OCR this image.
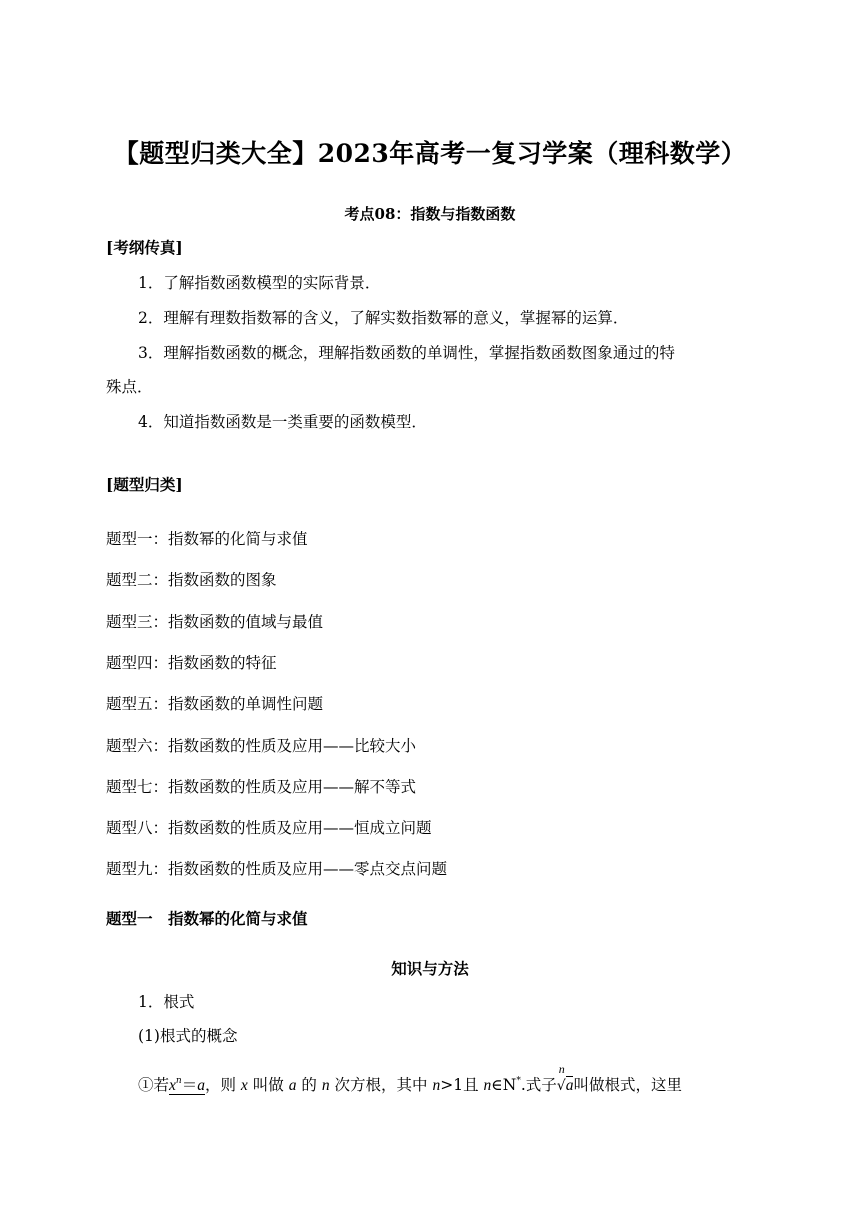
【题型归类大全】2023年高考一复习学案（理科数学）
考点08：指数与指数函数
[考纲传真]
1．了解指数函数模型的实际背景．
2．理解有理数指数幂的含义，了解实数指数幂的意义，掌握幂的运算．
3．理解指数函数的概念，理解指数函数的单调性，掌握指数函数图象通过的特
殊点．
4．知道指数函数是一类重要的函数模型．
[题型归类]
题型一：指数幂的化简与求值
题型二：指数函数的图象
题型三：指数函数的值域与最值
题型四：指数函数的特征
题型五：指数函数的单调性问题
题型六：指数函数的性质及应用——比较大小
题型七：指数函数的性质及应用——解不等式
题型八：指数函数的性质及应用——恒成立问题
题型九：指数函数的性质及应用——零点交点问题
题型一　指数幂的化简与求值
知识与方法
1．根式
(1)根式的概念
①若$x^n=a$，则 x 叫做 a 的 n 次方根，其中 n>1且 n∈N*.式子
n
√a叫做根式，这里
